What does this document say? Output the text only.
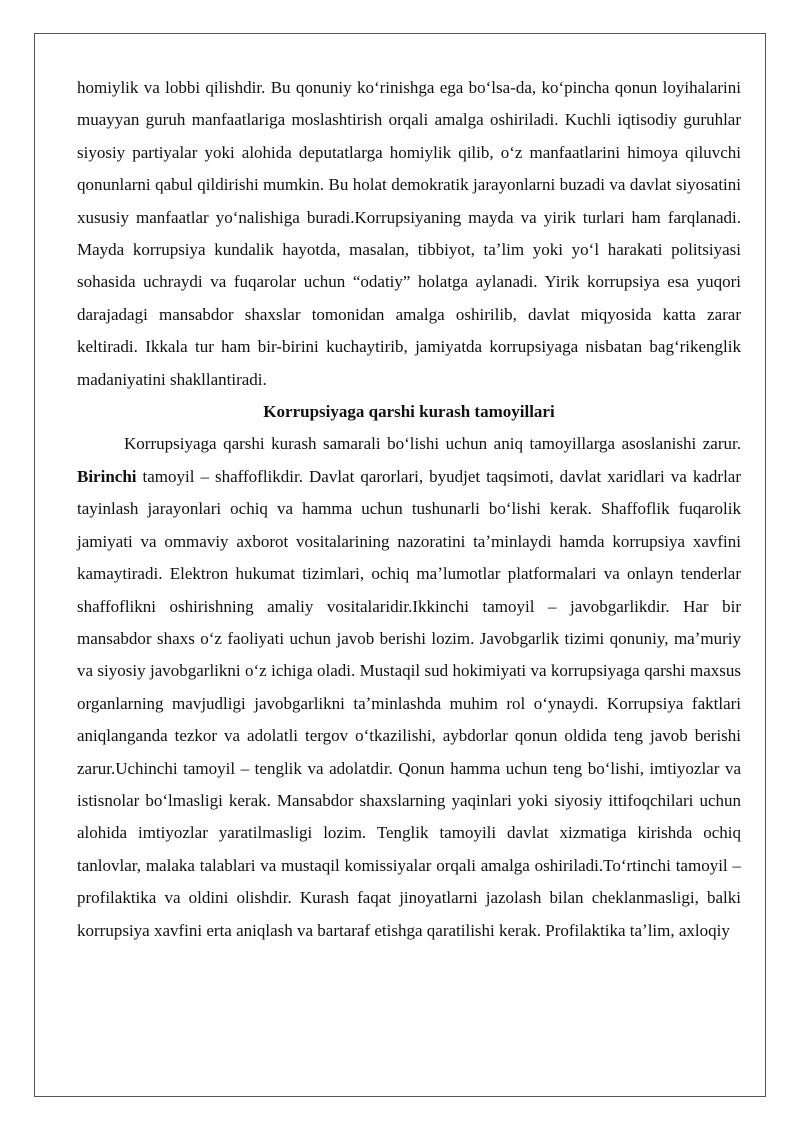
homiylik va lobbi qilishdir. Bu qonuniy koʻrinishga ega boʻlsa-da, koʻpincha qonun loyihalarini muayyan guruh manfaatlariga moslashtirish orqali amalga oshiriladi. Kuchli iqtisodiy guruhlar siyosiy partiyalar yoki alohida deputatlarga homiylik qilib, oʻz manfaatlarini himoya qiluvchi qonunlarni qabul qildirishi mumkin. Bu holat demokratik jarayonlarni buzadi va davlat siyosatini xususiy manfaatlar yoʻnalishiga buradi.Korrupsiyaning mayda va yirik turlari ham farqlanadi. Mayda korrupsiya kundalik hayotda, masalan, tibbiyot, taʼlim yoki yoʻl harakati politsiyasi sohasida uchraydi va fuqarolar uchun “odatiy” holatga aylanadi. Yirik korrupsiya esa yuqori darajadagi mansabdor shaxslar tomonidan amalga oshirilib, davlat miqyosida katta zarar keltiradi. Ikkala tur ham bir-birini kuchaytirib, jamiyatda korrupsiyaga nisbatan bagʻrikenglik madaniyatini shakllantiradi.

Korrupsiyaga qarshi kurash tamoyillari

Korrupsiyaga qarshi kurash samarali boʻlishi uchun aniq tamoyillarga asoslanishi zarur. Birinchi tamoyil – shaffoflikdir. Davlat qarorlari, byudjet taqsimoti, davlat xaridlari va kadrlar tayinlash jarayonlari ochiq va hamma uchun tushunarli boʻlishi kerak. Shaffoflik fuqarolik jamiyati va ommaviy axborot vositalarining nazoratini taʼminlaydi hamda korrupsiya xavfini kamaytiradi. Elektron hukumat tizimlari, ochiq maʼlumotlar platformalari va onlayn tenderlar shaffoflikni oshirishning amaliy vositalaridir.Ikkinchi tamoyil – javobgarlikdir. Har bir mansabdor shaxs oʻz faoliyati uchun javob berishi lozim. Javobgarlik tizimi qonuniy, maʼmuriy va siyosiy javobgarlikni oʻz ichiga oladi. Mustaqil sud hokimiyati va korrupsiyaga qarshi maxsus organlarning mavjudligi javobgarlikni taʼminlashda muhim rol oʻynaydi. Korrupsiya faktlari aniqlanganda tezkor va adolatli tergov oʻtkazilishi, aybdorlar qonun oldida teng javob berishi zarur.Uchinchi tamoyil – tenglik va adolatdir. Qonun hamma uchun teng boʻlishi, imtiyozlar va istisnolar boʻlmasligi kerak. Mansabdor shaxslarning yaqinlari yoki siyosiy ittifoqchilari uchun alohida imtiyozlar yaratilmasligi lozim. Tenglik tamoyili davlat xizmatiga kirishda ochiq tanlovlar, malaka talablari va mustaqil komissiyalar orqali amalga oshiriladi.Toʻrtinchi tamoyil – profilaktika va oldini olishdir. Kurash faqat jinoyatlarni jazolash bilan cheklanmasligi, balki korrupsiya xavfini erta aniqlash va bartaraf etishga qaratilishi kerak. Profilaktika taʼlim, axloqiy
